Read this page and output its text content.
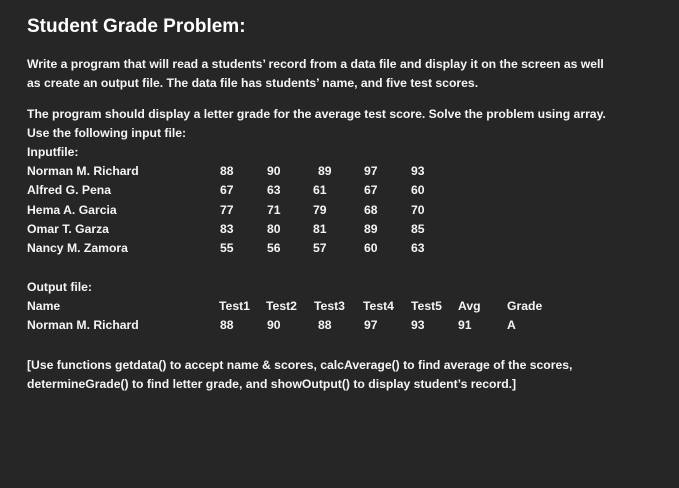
Student Grade Problem:
Write a program that will read a students’ record from a data file and display it on the screen as well
as create an output file. The data file has students’ name, and five test scores.
The program should display a letter grade for the average test score. Solve the problem using array.
Use the following input file:
Inputfile:
Norman M. Richard	88	90	89	97	93
Alfred G. Pena	67	63	61	67	60
Hema A. Garcia	77	71	79	68	70
Omar T. Garza	83	80	81	89	85
Nancy M. Zamora	55	56	57	60	63
Output file:
Name	Test1 Test2 Test3 Test4 Test5 Avg Grade
Norman M. Richard	88	90	88	97	93	91	A
[Use functions getdata() to accept name & scores, calcAverage() to find average of the scores,
determineGrade() to find letter grade, and showOutput() to display student’s record.]
